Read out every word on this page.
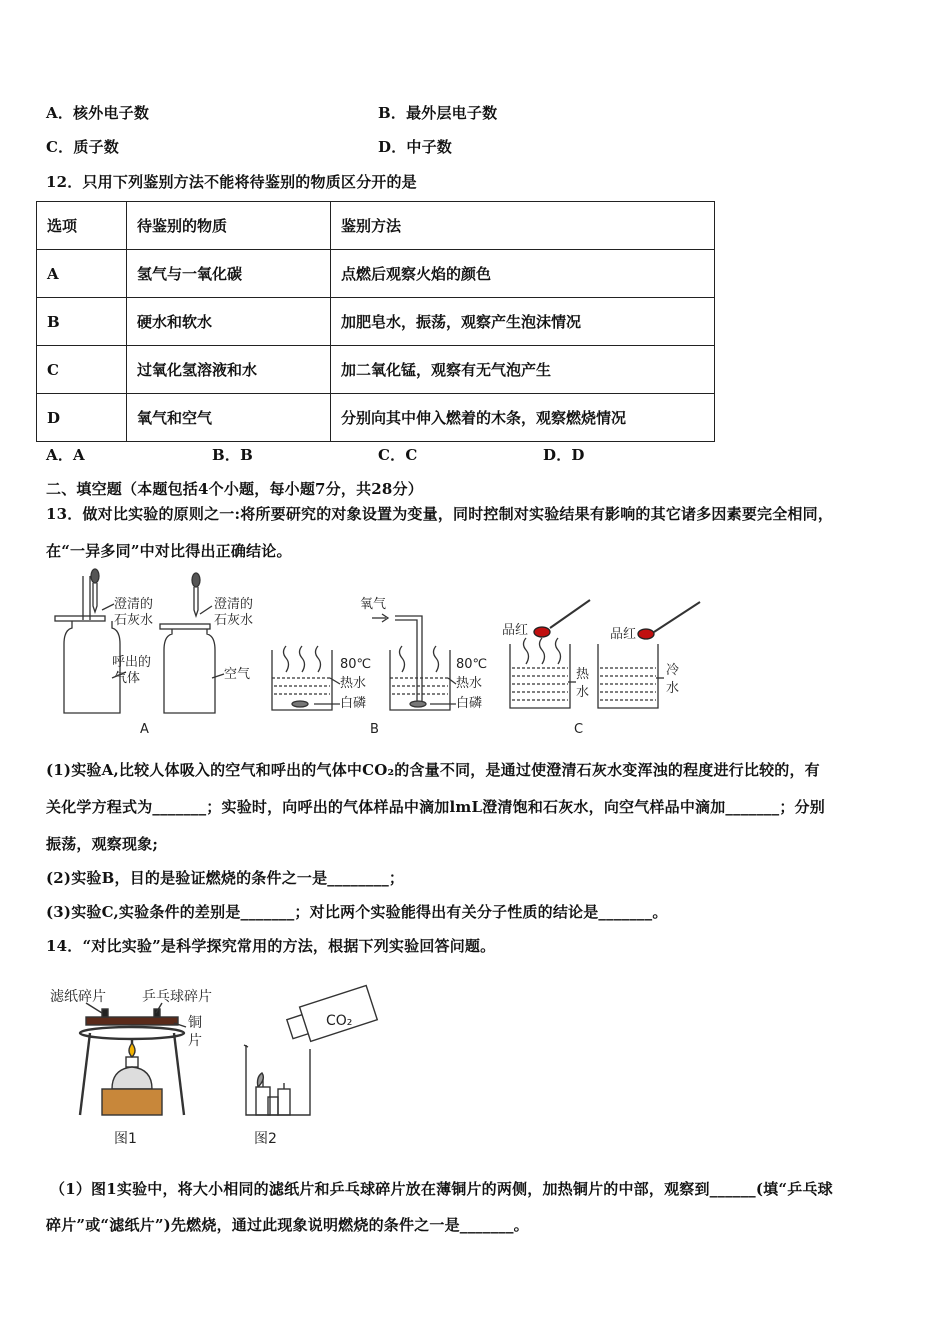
A．核外电子数	B．最外层电子数
C．质子数	D．中子数
12．只用下列鉴别方法不能将待鉴别的物质区分开的是
选项	待鉴别的物质	鉴别方法
A	氢气与一氧化碳	点燃后观察火焰的颜色
B	硬水和软水	加肥皂水，振荡，观察产生泡沫情况
C	过氧化氢溶液和水	加二氧化锰，观察有无气泡产生
D	氧气和空气	分别向其中伸入燃着的木条，观察燃烧情况
A．A	B．B	C．C	D．D
二、填空题（本题包括4个小题，每小题7分，共28分）
13．做对比实验的原则之一:将所要研究的对象设置为变量，同时控制对实验结果有影响的其它诸多因素要完全相同，
在“一异多同”中对比得出正确结论。
澄清的
石灰水
澄清的
石灰水
呼出的
气体	空气
A
氧气
80℃
热水
白磷
80℃
热水
白磷
B
品红	品红
热
水
冷
水
C
(1)实验A,比较人体吸入的空气和呼出的气体中CO₂的含量不同，是通过使澄清石灰水变浑浊的程度进行比较的，有
关化学方程式为_______；实验时，向呼出的气体样品中滴加lmL澄清饱和石灰水，向空气样品中滴加_______；分别
振荡，观察现象;
(2)实验B，目的是验证燃烧的条件之一是________；
(3)实验C,实验条件的差别是_______；对比两个实验能得出有关分子性质的结论是_______。
14．“对比实验”是科学探究常用的方法，根据下列实验回答问题。
滤纸碎片	乒乓球碎片
铜
片
CO₂
图1	图2
（1）图1实验中，将大小相同的滤纸片和乒乓球碎片放在薄铜片的两侧，加热铜片的中部，观察到______(填“乒乓球
碎片”或“滤纸片”)先燃烧，通过此现象说明燃烧的条件之一是_______。
